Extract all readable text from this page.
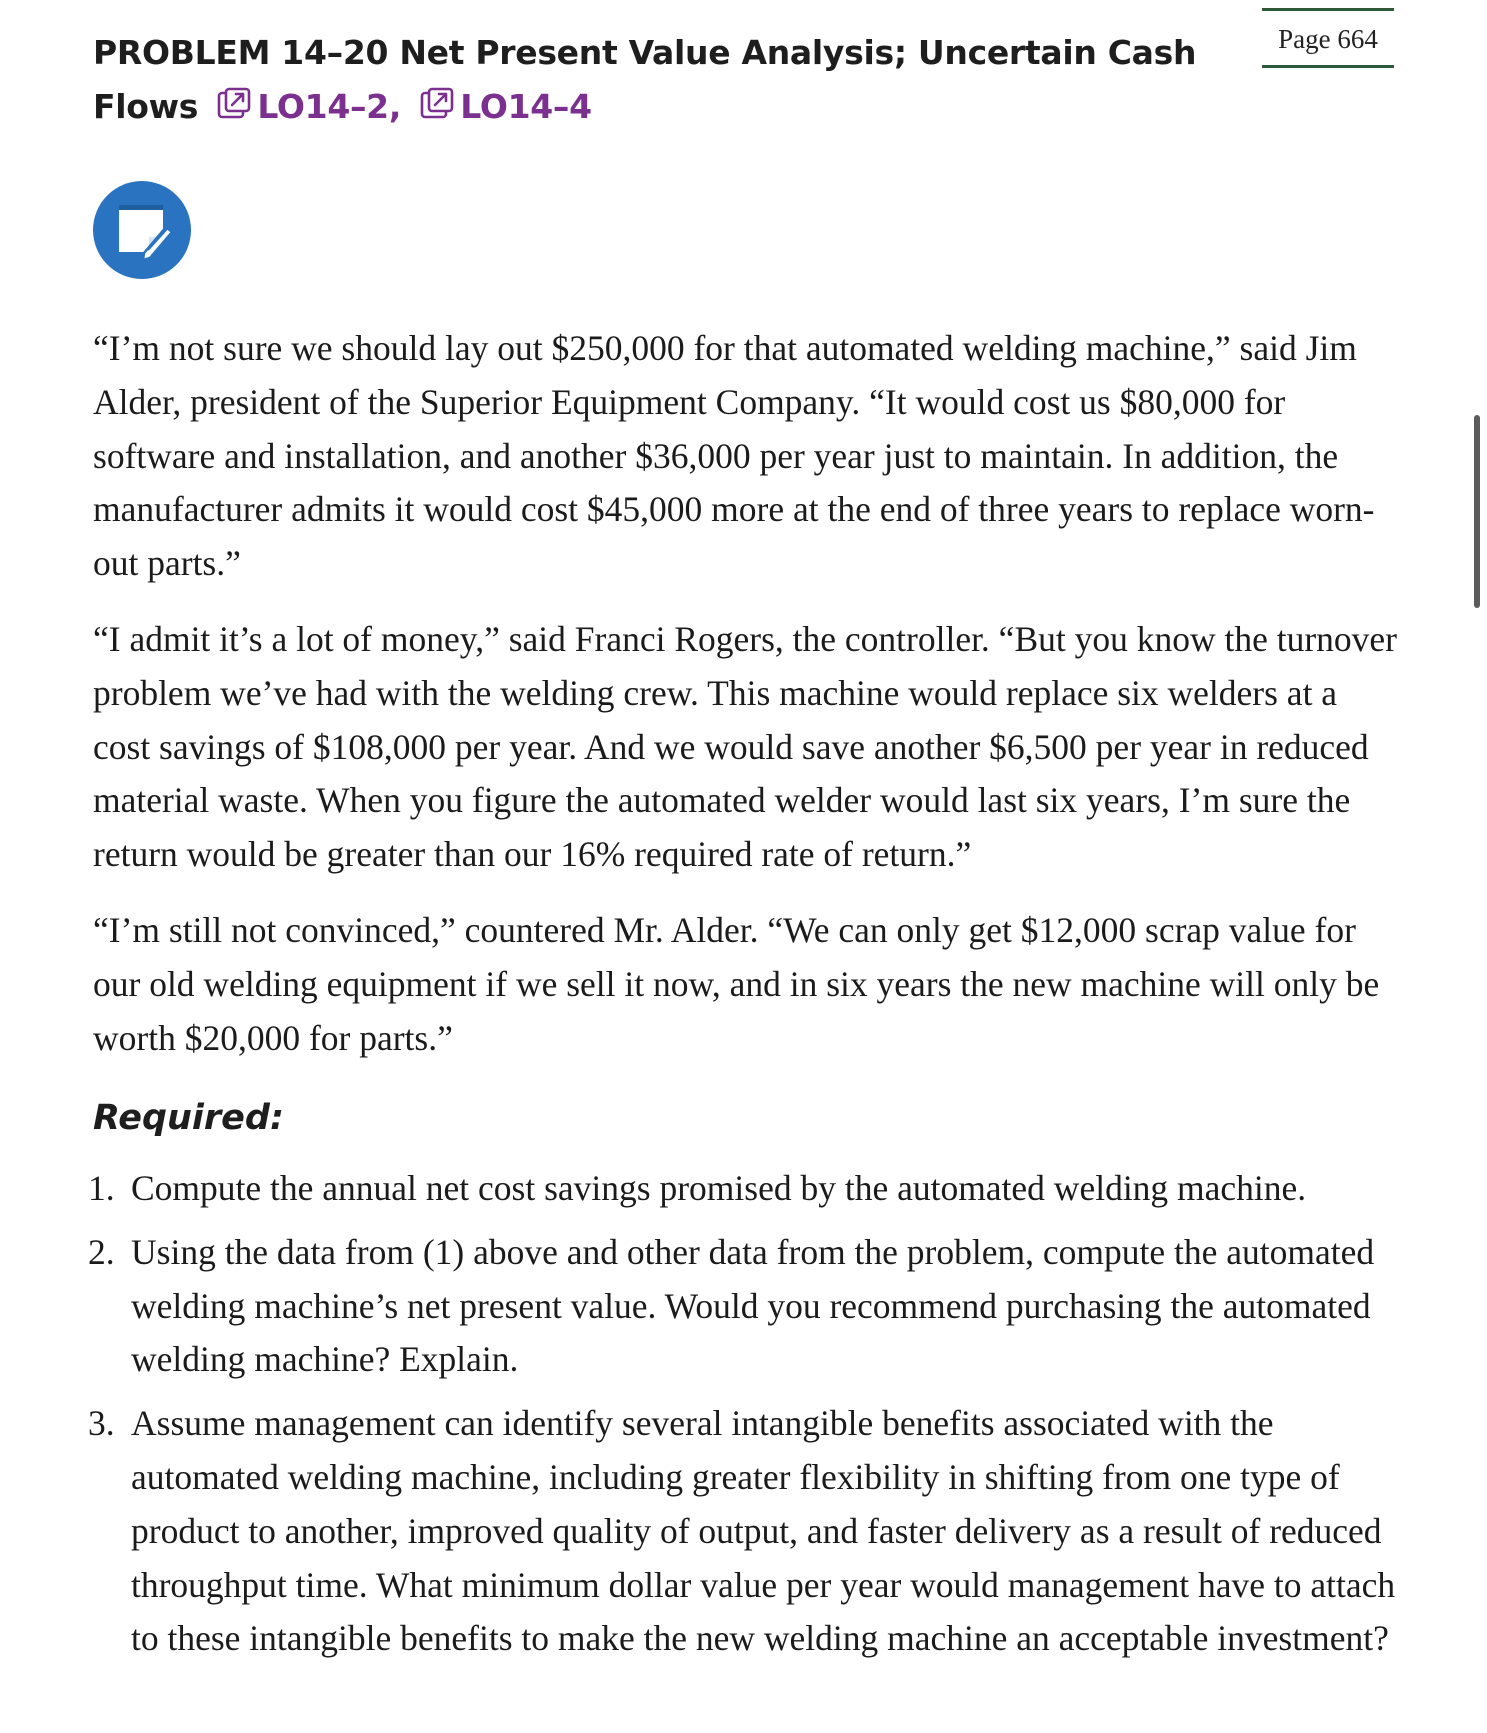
Page 664
PROBLEM 14–20 Net Present Value Analysis; Uncertain Cash Flows LO14–2, LO14–4

“I’m not sure we should lay out $250,000 for that automated welding machine,” said Jim Alder, president of the Superior Equipment Company. “It would cost us $80,000 for software and installation, and another $36,000 per year just to maintain. In addition, the manufacturer admits it would cost $45,000 more at the end of three years to replace worn-out parts.”

“I admit it’s a lot of money,” said Franci Rogers, the controller. “But you know the turnover problem we’ve had with the welding crew. This machine would replace six welders at a cost savings of $108,000 per year. And we would save another $6,500 per year in reduced material waste. When you figure the automated welder would last six years, I’m sure the return would be greater than our 16% required rate of return.”

“I’m still not convinced,” countered Mr. Alder. “We can only get $12,000 scrap value for our old welding equipment if we sell it now, and in six years the new machine will only be worth $20,000 for parts.”

Required:
1. Compute the annual net cost savings promised by the automated welding machine.
2. Using the data from (1) above and other data from the problem, compute the automated welding machine’s net present value. Would you recommend purchasing the automated welding machine? Explain.
3. Assume management can identify several intangible benefits associated with the automated welding machine, including greater flexibility in shifting from one type of product to another, improved quality of output, and faster delivery as a result of reduced throughput time. What minimum dollar value per year would management have to attach to these intangible benefits to make the new welding machine an acceptable investment?
